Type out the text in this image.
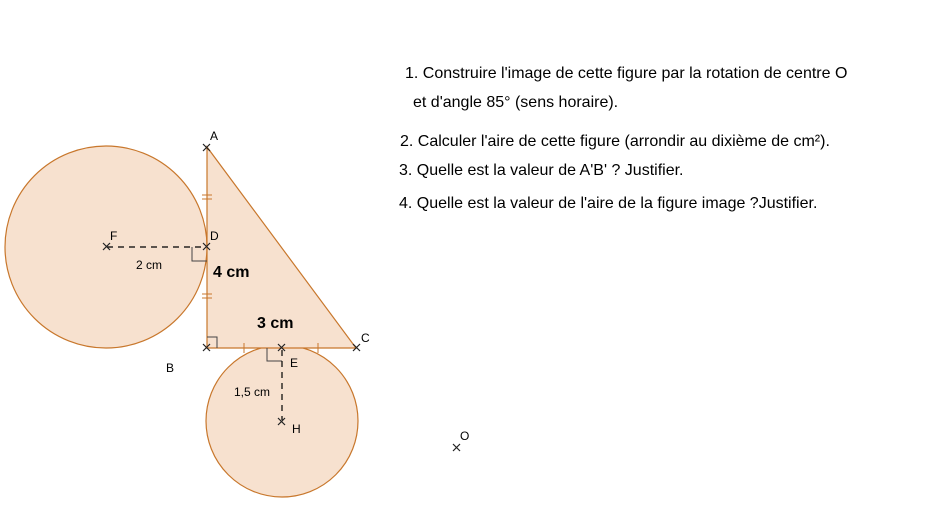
A
B
C
D
E
F
H	O
4 cm
3 cm
2 cm
1,5 cm
1. Construire l'image de cette figure par la rotation de centre O
et d'angle 85° (sens horaire).
2. Calculer l'aire de cette figure (arrondir au dixième de cm²).
3. Quelle est la valeur de A'B' ? Justifier.
4. Quelle est la valeur de l'aire de la figure image ?Justifier.
